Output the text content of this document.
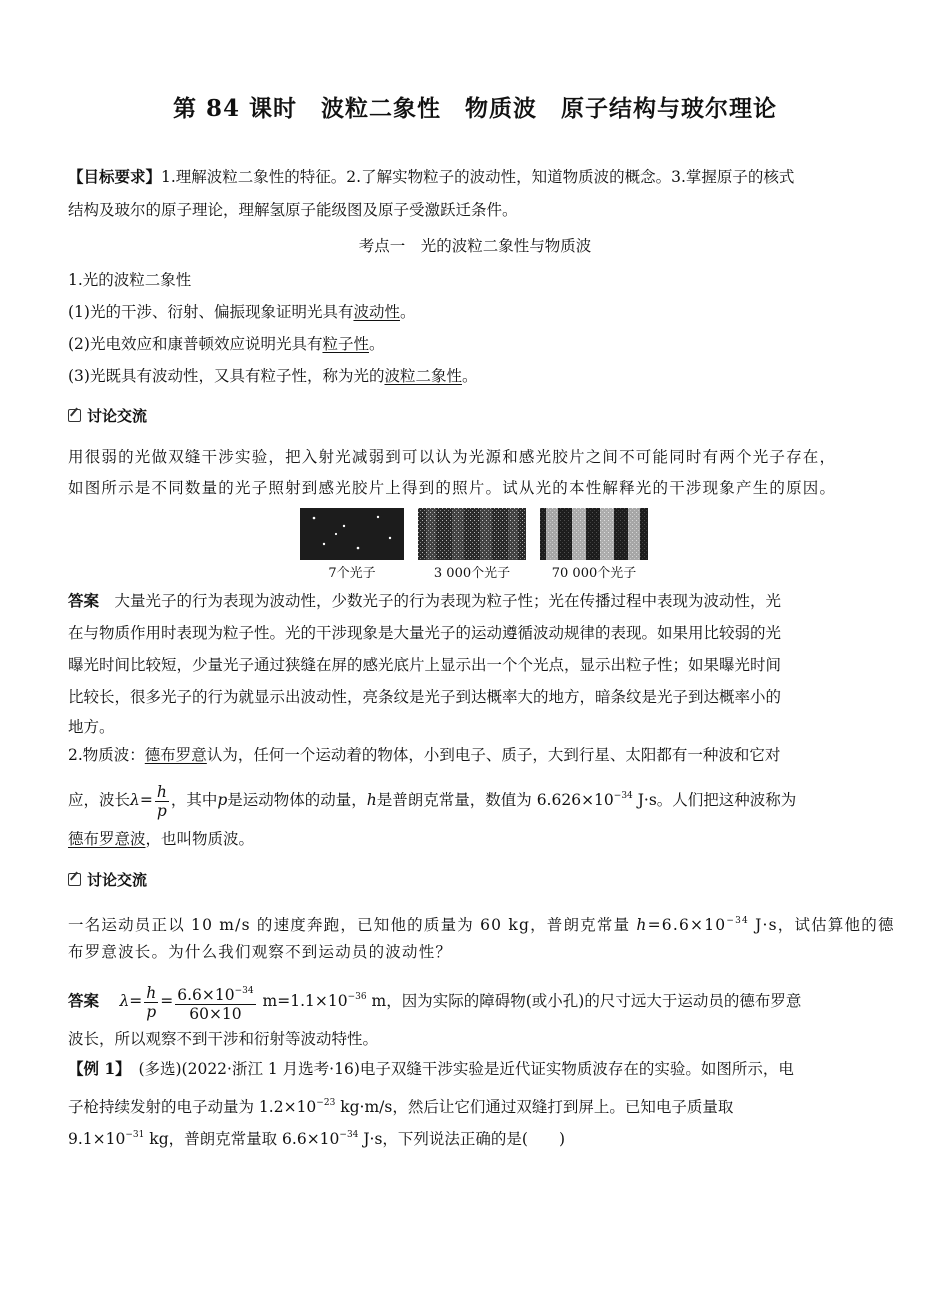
第 84 课时　波粒二象性　物质波　原子结构与玻尔理论
【目标要求】1.理解波粒二象性的特征。2.了解实物粒子的波动性，知道物质波的概念。3.掌握原子的核式
结构及玻尔的原子理论，理解氢原子能级图及原子受激跃迁条件。
考点一　光的波粒二象性与物质波
1.光的波粒二象性
(1)光的干涉、衍射、偏振现象证明光具有波动性。
(2)光电效应和康普顿效应说明光具有粒子性。
(3)光既具有波动性，又具有粒子性，称为光的波粒二象性。
讨论交流
用很弱的光做双缝干涉实验，把入射光减弱到可以认为光源和感光胶片之间不可能同时有两个光子存在，
如图所示是不同数量的光子照射到感光胶片上得到的照片。试从光的本性解释光的干涉现象产生的原因。
7个光子	3 000个光子	70 000个光子
答案　 大量光子的行为表现为波动性，少数光子的行为表现为粒子性；光在传播过程中表现为波动性，光
在与物质作用时表现为粒子性。光的干涉现象是大量光子的运动遵循波动规律的表现。如果用比较弱的光
曝光时间比较短，少量光子通过狭缝在屏的感光底片上显示出一个个光点，显示出粒子性；如果曝光时间
比较长，很多光子的行为就显示出波动性，亮条纹是光子到达概率大的地方，暗条纹是光子到达概率小的
地方。
2.物质波：德布罗意认为，任何一个运动着的物体，小到电子、质子，大到行星、太阳都有一种波和它对
应，波长$\lambda= \frac{h}{p}$ ，其中p是运动物体的动量，h是普朗克常量，数值为 $6.626\times 10^{-34}$ J·s。人们把这种波称为
德布罗意波，也叫物质波。
讨论交流
一名运动员正以 10 m/s 的速度奔跑，已知他的质量为 60 kg，普朗克常量 $h=6.6\times 10^{-34}$ J·s，试估算他的德
布罗意波长。为什么我们观察不到运动员的波动性？
答案　 $\lambda= \frac{h}{p} = \frac{6.6\times 10^{-34}}{60\times 10} m=1.1\times 10^{-36}$ m，因为实际的障碍物(或小孔)的尺寸远大于运动员的德布罗意
波长，所以观察不到干涉和衍射等波动特性。
【例 1】　 (多选)(2022·浙江 1 月选考·16)电子双缝干涉实验是近代证实物质波存在的实验。如图所示，电
子枪持续发射的电子动量为 $1.2\times 10^{-23}$ kg·m/s，然后让它们通过双缝打到屏上。已知电子质量取
$9.1\times 10^{-31}$ kg，普朗克常量取 $6.6\times 10^{-34}$ J·s，下列说法正确的是(　　)
